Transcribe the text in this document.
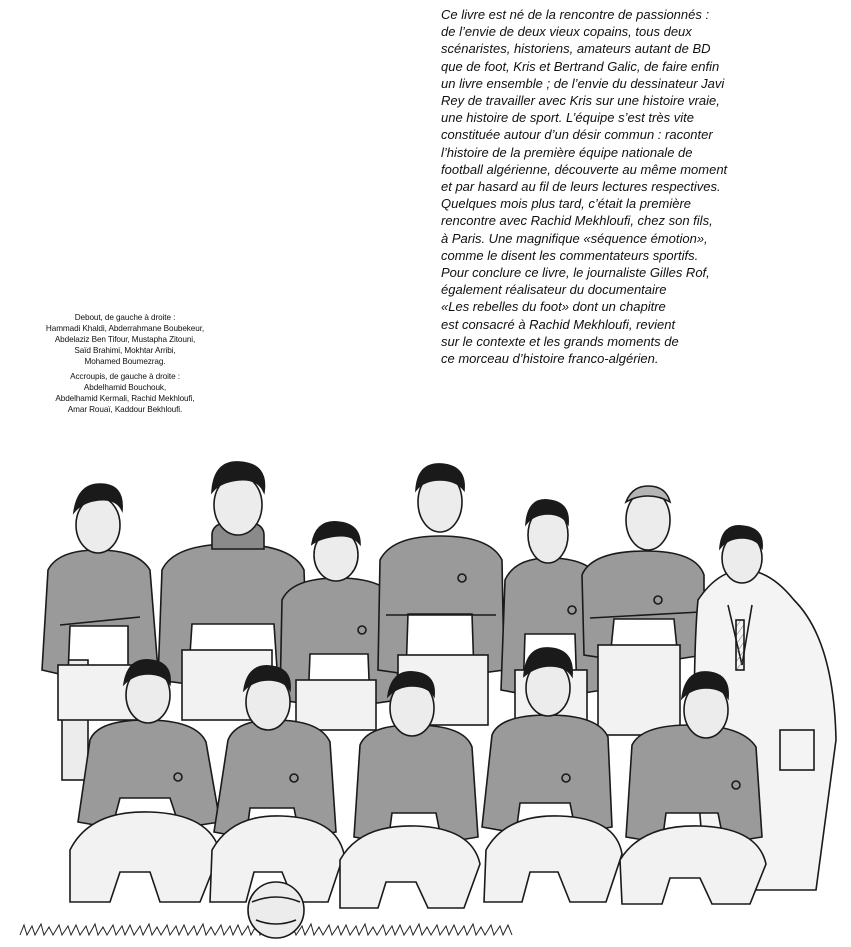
Ce livre est né de la rencontre de passionnés :
de l’envie de deux vieux copains, tous deux
scénaristes, historiens, amateurs autant de BD
que de foot, Kris et Bertrand Galic, de faire enfin
un livre ensemble ; de l’envie du dessinateur Javi
Rey de travailler avec Kris sur une histoire vraie,
une histoire de sport. L’équipe s’est très vite
constituée autour d’un désir commun : raconter
l’histoire de la première équipe nationale de
football algérienne, découverte au même moment
et par hasard au fil de leurs lectures respectives.
Quelques mois plus tard, c’était la première
rencontre avec Rachid Mekhloufi, chez son fils,
à Paris. Une magnifique «séquence émotion»,
comme le disent les commentateurs sportifs.
Pour conclure ce livre, le journaliste Gilles Rof,
également réalisateur du documentaire
«Les rebelles du foot» dont un chapitre
est consacré à Rachid Mekhloufi, revient
sur le contexte et les grands moments de
ce morceau d’histoire franco-algérien.
Debout, de gauche à droite :
Hammadi Khaldi, Abderrahmane Boubekeur,
Abdelaziz Ben Tifour, Mustapha Zitouni,
Saïd Brahimi, Mokhtar Arribi,
Mohamed Boumezrag.
Accroupis, de gauche à droite :
Abdelhamid Bouchouk,
Abdelhamid Kermali, Rachid Mekhloufi,
Amar Rouaï, Kaddour Bekhloufi.
